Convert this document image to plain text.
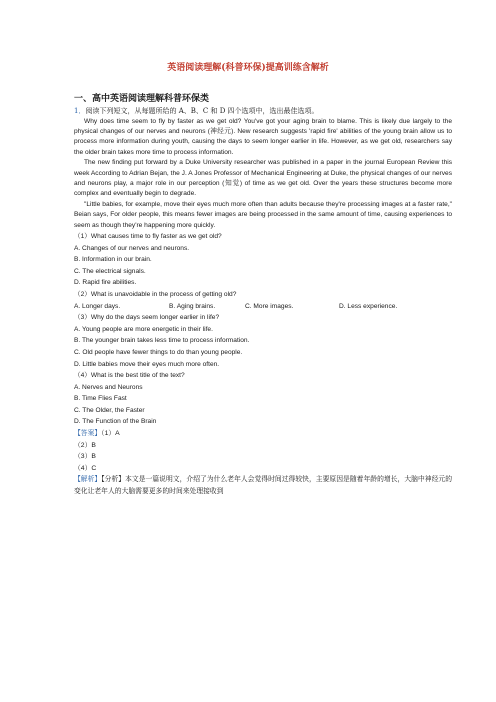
英语阅读理解(科普环保)提高训练含解析
一、高中英语阅读理解科普环保类
1．阅读下列短文，从每题所给的 A、B、C 和 D 四个选项中，选出最佳选项。

Why does time seem to fly by faster as we get old? You've got your aging brain to blame. This is likely due largely to the physical changes of our nerves and neurons (神经元). New research suggests 'rapid fire' abilities of the young brain allow us to process more information during youth, causing the days to seem longer earlier in life. However, as we get old, researchers say the older brain takes more time to process information.

The new finding put forward by a Duke University researcher was published in a paper in the journal European Review this week According to Adrian Bejan, the J. A Jones Professor of Mechanical Engineering at Duke, the physical changes of our nerves and neurons play, a major role in our perception (知觉) of time as we get old. Over the years these structures become more complex and eventually begin to degrade.

"Little babies, for example, move their eyes much more often than adults because they're processing images at a faster rate," Beian says, For older people, this means fewer images are being processed in the same amount of time, causing experiences to seem as though they're happening more quickly.

（1）What causes time to fly faster as we get old?
A. Changes of our nerves and neurons.
B. Information in our brain.
C. The electrical signals.
D. Rapid fire abilities.
（2）What is unavoidable in the process of getting old?
A. Longer days.	B. Aging brains.	C. More images.	D. Less experience.
（3）Why do the days seem longer earlier in life?
A. Young people are more energetic in their life.
B. The younger brain takes less time to process information.
C. Old people have fewer things to do than young people.
D. Little babies move their eyes much more often.
（4）What is the best title of the text?
A. Nerves and Neurons
B. Time Flies Fast
C. The Older, the Faster
D. The Function of the Brain
【答案】（1）A
（2）B
（3）B
（4）C
【解析】【分析】本文是一篇说明文，介绍了为什么老年人会觉得时间过得较快，主要原因是随着年龄的增长，大脑中神经元的变化让老年人的大脑需要更多的时间来处理接收到
